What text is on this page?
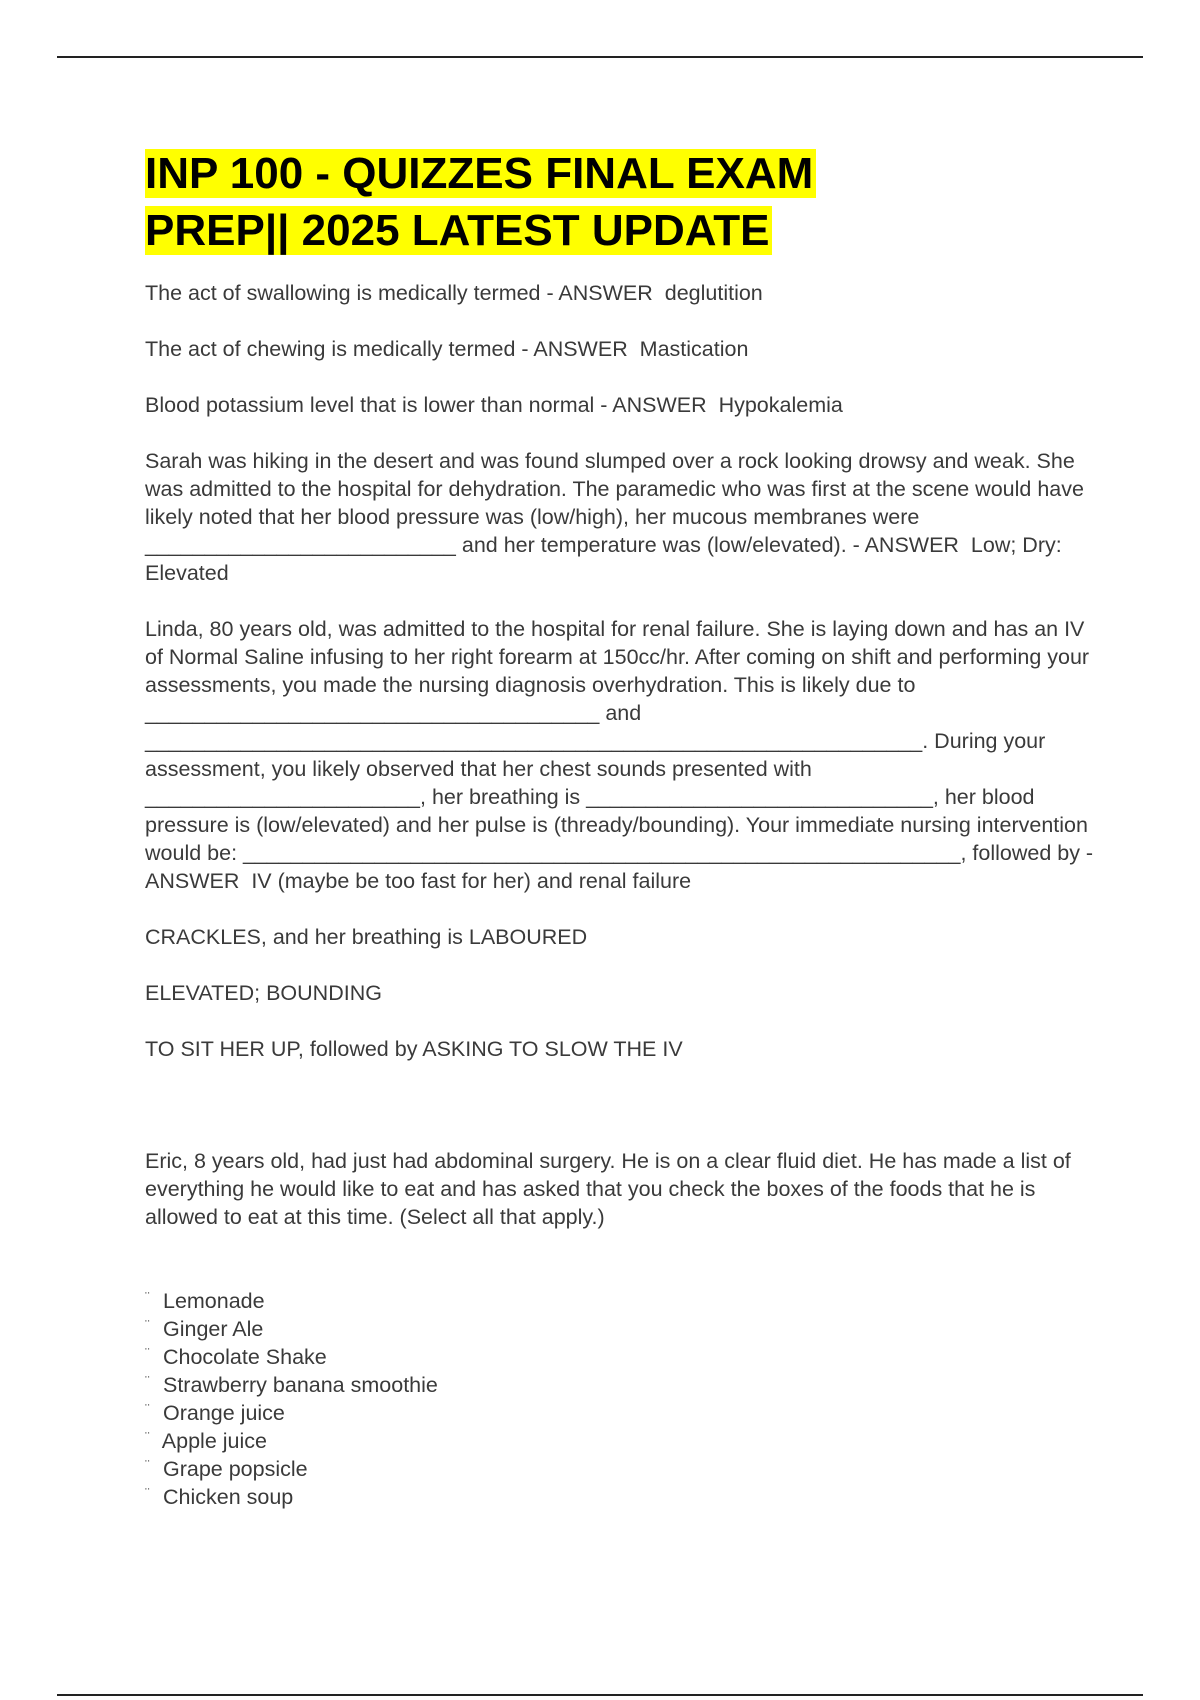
INP 100 - QUIZZES FINAL EXAM
PREP|| 2025 LATEST UPDATE

The act of swallowing is medically termed - ANSWER  deglutition

The act of chewing is medically termed - ANSWER  Mastication

Blood potassium level that is lower than normal - ANSWER  Hypokalemia

Sarah was hiking in the desert and was found slumped over a rock looking drowsy and weak. She was admitted to the hospital for dehydration. The paramedic who was first at the scene would have likely noted that her blood pressure was (low/high), her mucous membranes were __________________________ and her temperature was (low/elevated). - ANSWER  Low; Dry: Elevated

Linda, 80 years old, was admitted to the hospital for renal failure. She is laying down and has an IV of Normal Saline infusing to her right forearm at 150cc/hr. After coming on shift and performing your assessments, you made the nursing diagnosis overhydration. This is likely due to ______________________________________ and _________________________________________________________________. During your assessment, you likely observed that her chest sounds presented with _______________________, her breathing is _____________________________, her blood pressure is (low/elevated) and her pulse is (thready/bounding). Your immediate nursing intervention would be: ____________________________________________________________, followed by - ANSWER  IV (maybe be too fast for her) and renal failure

CRACKLES, and her breathing is LABOURED

ELEVATED; BOUNDING

TO SIT HER UP, followed by ASKING TO SLOW THE IV

Eric, 8 years old, had just had abdominal surgery. He is on a clear fluid diet. He has made a list of everything he would like to eat and has asked that you check the boxes of the foods that he is allowed to eat at this time. (Select all that apply.)

¨ Lemonade
¨ Ginger Ale
¨ Chocolate Shake
¨ Strawberry banana smoothie
¨ Orange juice
¨ Apple juice
¨ Grape popsicle
¨ Chicken soup
